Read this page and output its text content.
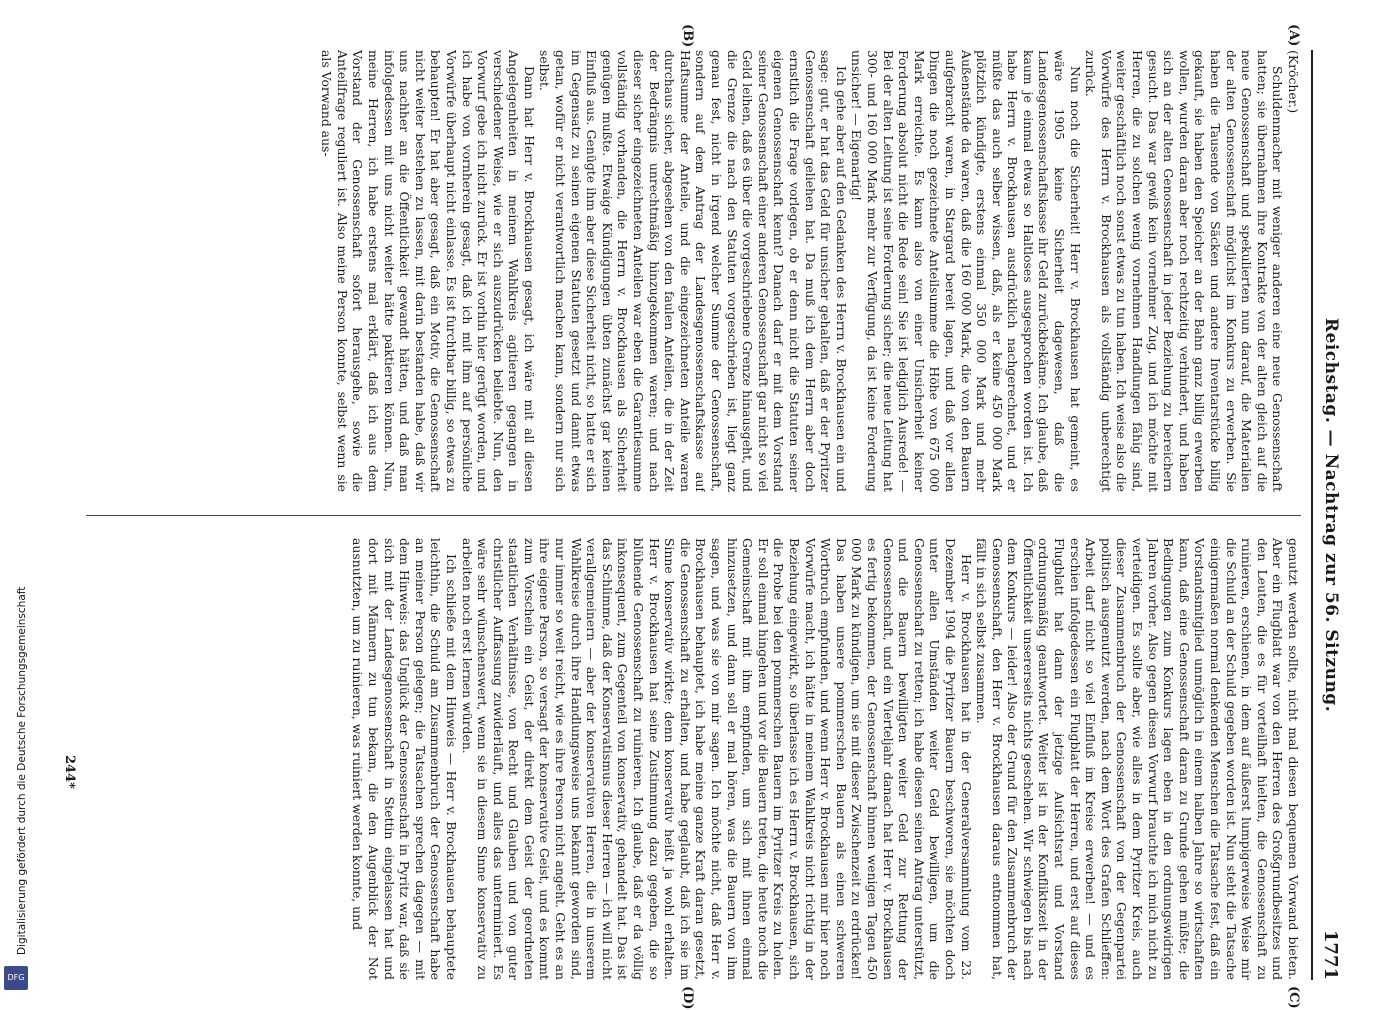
Reichstag. — Nachtrag zur 56. Sitzung.
1771
(A)
(B)
(C)
(D)

(Kröcher.)

Schuldenmacher mit weniger anderen eine neue Genossenschaft hatten; sie übernahmen ihre Kontrakte von der alten gleich auf die neue Genossenschaft und spekulierten nun darauf, die Materialien der alten Genossenschaft möglichst im Konkurs zu erwerben. Sie haben die Tausende von Säcken und andere Inventarstücke billig gekauft, sie haben den Speicher an der Bahn ganz billig erwerben wollen, wurden daran aber noch rechtzeitig verhindert, und haben sich an der alten Genossenschaft in jeder Beziehung zu bereichern gesucht. Das war gewiß kein vornehmer Zug, und ich möchte mit Herren, die zu solchen wenig vornehmen Handlungen fähig sind, weiter geschäftlich noch sonst etwas zu tun haben. Ich weise also die Vorwürfe des Herrn v. Brockhausen als vollständig unberechtigt zurück.

Nun noch die Sicherheit! Herr v. Brockhausen hat gemeint, es wäre 1905 keine Sicherheit dagewesen, daß die Landesgenossenschaftskasse ihr Geld zurückbekäme. Ich glaube, daß kaum je einmal etwas so Haltloses ausgesprochen worden ist. Ich habe Herrn v. Brockhausen ausdrücklich nachgerechnet, und er müßte das auch selber wissen, daß, als er keine 450 000 Mark plötzlich kündigte, erstens einmal 350 000 Mark und mehr Außenstände da waren, daß die 160 000 Mark, die von den Bauern aufgebracht waren, in Stargard bereit lagen, und daß vor allen Dingen die noch gezeichnete Anteilsumme die Höhe von 675 000 Mark erreichte. Es kann also von einer Unsicherheit keiner Forderung absolut nicht die Rede sein! Sie ist lediglich Ausrede! — Bei der alten Leitung ist seine Forderung sicher; die neue Leitung hat 300- und 160 000 Mark mehr zur Verfügung, da ist keine Forderung unsicher! — Eigenartig!

Ich gehe aber auf den Gedanken des Herrn v. Brockhausen ein und sage: gut, er hat das Geld für unsicher gehalten, daß er der Pyritzer Genossenschaft geliehen hat. Da muß ich dem Herrn aber doch ernstlich die Frage vorlegen, ob er denn nicht die Statuten seiner eigenen Genossenschaft kennt? Danach darf er mit dem Vorstand seiner Genossenschaft einer anderen Genossenschaft gar nicht so viel Geld leihen, daß es über die vorgeschriebene Grenze hinausgeht, und die Grenze die nach den Statuten vorgeschrieben ist, liegt ganz genau fest, nicht in irgend welcher Summe der Genossenschaft, sondern auf dem Antrag der Landesgenossenschaftskasse auf Haftsumme der Anteile, und die eingezeichneten Anteile waren durchaus sicher, abgesehen von den faulen Anteilen, die in der Zeit der Bedrängnis unrechtmäßig hinzugekommen waren; und nach dieser sicher eingezeichneten Anteilen war eben die Garantiesumme vollständig vorhanden, die Herrn v. Brockhausen als Sicherheit genügen mußte. Etwaige Kündigungen übten zunächst gar keinen Einfluß aus. Genügte ihm aber diese Sicherheit nicht, so hatte er sich im Gegensatz zu seinen eigenen Statuten gesetzt und damit etwas getan, wofür er nicht verantwortlich machen kann, sondern nur sich selbst.

Dann hat Herr v. Brockhausen gesagt, ich wäre mit all diesen Angelegenheiten in meinem Wahlkreis agitieren gegangen in verschiedener Weise, wie er sich auszudrücken beliebte. Nun, den Vorwurf gebe ich nicht zurück. Er ist vorhin hier gerügt worden, und ich habe von vornherein gesagt, daß ich mit ihm auf persönliche Vorwürfe überhaupt nicht einlasse. Es ist furchtbar billig, so etwas zu behaupten! Er hat aber gesagt, daß ein Motiv, die Genossenschaft nicht weiter bestehen zu lassen, mit darin bestanden habe, daß wir uns nachher an die Öffentlichkeit gewandt hätten, und daß man infolgedessen mit uns nicht weiter hätte paktieren können. Nun, meine Herren, ich habe erstens mal erklärt, daß ich aus dem Vorstand der Genossenschaft sofort herausgehe, sowie die Anteilfrage reguliert ist. Also meine Person konnte, selbst wenn sie als Vorwand aus-

genutzt werden sollte, nicht mal diesen bequemen Vorwand bieten. Aber ein Flugblatt war von den Herren des Großgrundbesitzes und den Leuten, die es für vorteilhaft hielten, die Genossenschaft zu ruinieren, erschienen, in dem auf äußerst lumpigerweise Weise mir die Schuld an der Schuld gegeben worden ist. Nun steht die Tatsache einigermaßen normal denkenden Menschen die Tatsache fest, daß ein Vorstandsmitglied unmöglich in einem halben Jahre so wirtschaften kann, daß eine Genossenschaft daran zu Grunde gehen müßte; die Bedingungen zum Konkurs lagen eben in den ordnungswidrigen Jahren vorher. Also gegen diesen Vorwurf brauchte ich mich nicht zu verteidigen. Es sollte aber, wie alles in dem Pyritzer Kreis, auch dieser Zusammenbruch der Genossenschaft von der Gegenpartei politisch ausgenutzt werden, nach dem Wort des Grafen Schlieffen: Arbeit darf nicht so viel Einfluß im Kreise erwerben! — und es erschien infolgedessen ein Flugblatt der Herren, und erst auf dieses Flugblatt hat dann der jetzige Aufsichtsrat und Vorstand ordnungsmäßig geantwortet. Weiter ist in der Konfliktszeit in der Öffentlichkeit unsererseits nichts geschehen. Wir schwiegen bis nach dem Konkurs — leider! Also der Grund für den Zusammenbruch der Genossenschaft, den Herr v. Brockhausen daraus entnommen hat, fällt in sich selbst zusammen.

Herr v. Brockhausen hat in der Generalversammlung vom 23. Dezember 1904 die Pyritzer Bauern beschworen, sie möchten doch unter allen Umständen weiter Geld bewilligen, um die Genossenschaft zu retten; ich habe diesen seinen Antrag unterstützt, und die Bauern bewilligten weiter Geld zur Rettung der Genossenschaft, und ein Vierteljahr danach hat Herr v. Brockhausen es fertig bekommen, der Genossenschaft binnen wenigen Tagen 450 000 Mark zu kündigen, um sie mit dieser Zwischenzeit zu erdrücken! Das haben unsere pommerschen Bauern als einen schweren Wortbruch empfunden, und wenn Herr v. Brockhausen mir hier noch Vorwürfe macht, ich hätte in meinem Wahlkreis nicht richtig in der Beziehung eingewirkt, so überlasse ich es Herrn v. Brockhausen, sich die Probe bei den pommerschen Bauern im Pyritzer Kreis zu holen. Er soll einmal hingehen und vor die Bauern treten, die heute noch die Gemeinschaft mit ihm empfinden, um sich mit ihnen einmal hinzusetzen, und dann soll er mal hören, was die Bauern von ihm sagen, und was sie von mir sagen. Ich möchte nicht, daß Herr v. Brockhausen behauptet, ich habe meine ganze Kraft daran gesetzt, die Genossenschaft zu erhalten, und habe geglaubt, daß ich sie im Sinne konservativ wirkte; denn konservativ heißt ja wohl erhalten. Herr v. Brockhausen hat seine Zustimmung dazu gegeben, die so blühende Genossenschaft zu ruinieren. Ich glaube, daß er da völlig inkonsequent, zum Gegenteil von konservativ, gehandelt hat. Das ist das Schlimme, daß der Konservatismus dieser Herren — ich will nicht verallgemeinern — aber der konservativen Herren, die in unserem Wahlkreise durch ihre Handlungsweise uns bekannt geworden sind, nur immer so weit reicht, wie es ihre Person nicht angeht. Geht es an ihre eigene Person, so versagt der konservative Geist, und es kommt zum Vorschein ein Geist, der direkt dem Geist der geordneten staatlichen Verhältnisse, von Recht und Glauben und von guter christlicher Auffassung zuwiderläuft, und alles das unterminiert. Es wäre sehr wünschenswert, wenn sie in diesem Sinne konservativ zu arbeiten noch erst lernen würden.

Ich schließe mit dem Hinweis — Herr v. Brockhausen behauptete leichthin, die Schuld am Zusammenbruch der Genossenschaft habe an meiner Person gelegen; die Tatsachen sprechen dagegen — mit dem Hinweis: das Unglück der Genossenschaft in Pyritz war, daß sie sich mit der Landesgenossenschaft in Stettin eingelassen hat und dort mit Männern zu tun bekam, die den Augenblick der Not ausnutzten, um zu ruinieren, was ruiniert werden konnte, und

244*
DFG
Digitalisierung gefördert durch die Deutsche Forschungsgemeinschaft
